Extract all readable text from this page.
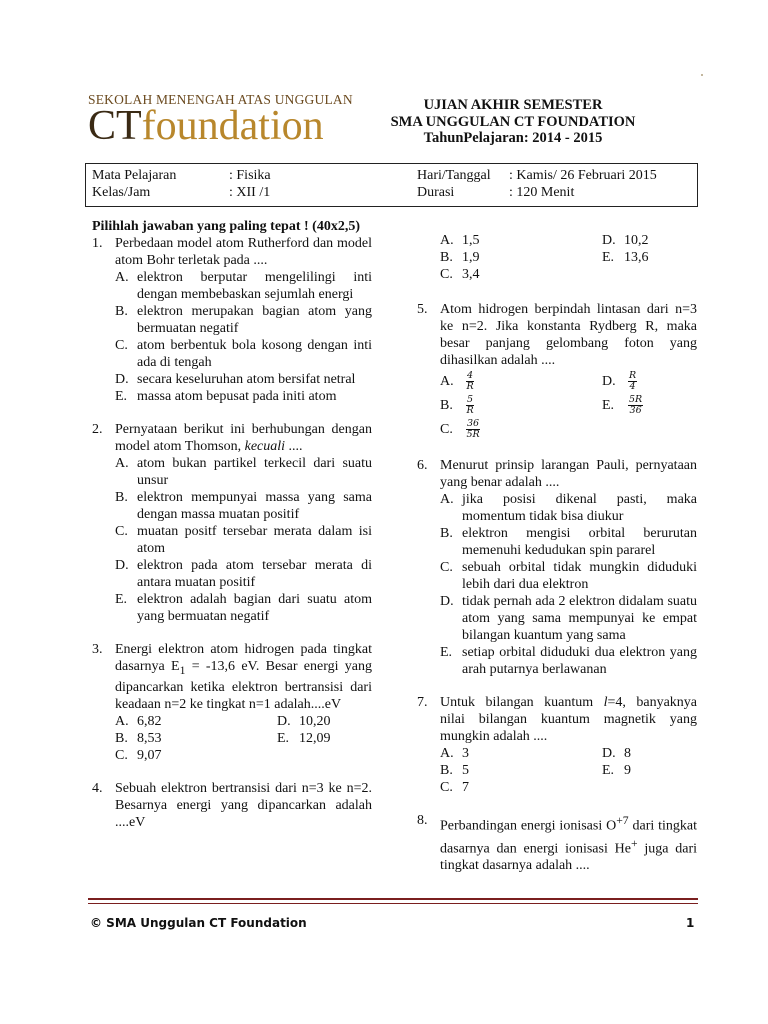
SEKOLAH MENENGAH ATAS UNGGULAN
CTfoundation	UJIAN AKHIR SEMESTER
SMA UNGGULAN CT FOUNDATION
TahunPelajaran: 2014 - 2015
Mata Pelajaran	: Fisika
Kelas/Jam	: XII /1
Hari/Tanggal : Kamis/ 26 Februari 2015
Durasi	: 120 Menit
Pilihlah jawaban yang paling tepat ! (40x2,5)
1. Perbedaan model atom Rutherford dan model atom Bohr terletak pada ....
A. elektron berputar mengelilingi inti dengan membebaskan sejumlah energi
B. elektron merupakan bagian atom yang bermuatan negatif
C. atom berbentuk bola kosong dengan inti ada di tengah
D. secara keseluruhan atom bersifat netral
E. massa atom bepusat pada initi atom
2. Pernyataan berikut ini berhubungan dengan model atom Thomson, kecuali ....
A. atom bukan partikel terkecil dari suatu unsur
B. elektron mempunyai massa yang sama dengan massa muatan positif
C. muatan positf tersebar merata dalam isi atom
D. elektron pada atom tersebar merata di antara muatan positif
E. elektron adalah bagian dari suatu atom yang bermuatan negatif
3. Energi elektron atom hidrogen pada tingkat dasarnya $E_1 = -13,6$ eV. Besar energi yang dipancarkan ketika elektron bertransisi dari keadaan n=2 ke tingkat n=1 adalah....eV
A. 6,82	D. 10,20
B. 8,53	E. 12,09
C. 9,07
4. Sebuah elektron bertransisi dari n=3 ke n=2. Besarnya energi yang dipancarkan adalah ....eV
A. 1,5	D. 10,2
B. 1,9	E. 13,6
C. 3,4
5. Atom hidrogen berpindah lintasan dari n=3 ke n=2. Jika konstanta Rydberg R, maka besar panjang gelombang foton yang dihasilkan adalah ....
A.	$\frac{4}{R}$	D.	$\frac{R}{4}$
B.	$\frac{5}{R}$	E.	$\frac{5R}{36}$
C.	$\frac{36}{5R}$
6. Menurut prinsip larangan Pauli, pernyataan yang benar adalah ....
A. jika posisi dikenal pasti, maka momentum tidak bisa diukur
B. elektron mengisi orbital berurutan memenuhi kedudukan spin pararel
C. sebuah orbital tidak mungkin diduduki lebih dari dua elektron
D. tidak pernah ada 2 elektron didalam suatu atom yang sama mempunyai ke empat bilangan kuantum yang sama
E. setiap orbital diduduki dua elektron yang arah putarnya berlawanan
7. Untuk bilangan kuantum l=4, banyaknya nilai bilangan kuantum magnetik yang mungkin adalah ....
A. 3	D. 8
B. 5	E. 9
C. 7
8. Perbandingan energi ionisasi $O^{+7}$ dari tingkat dasarnya dan energi ionisasi He+ juga dari tingkat dasarnya adalah ....
© SMA Unggulan CT Foundation	1
